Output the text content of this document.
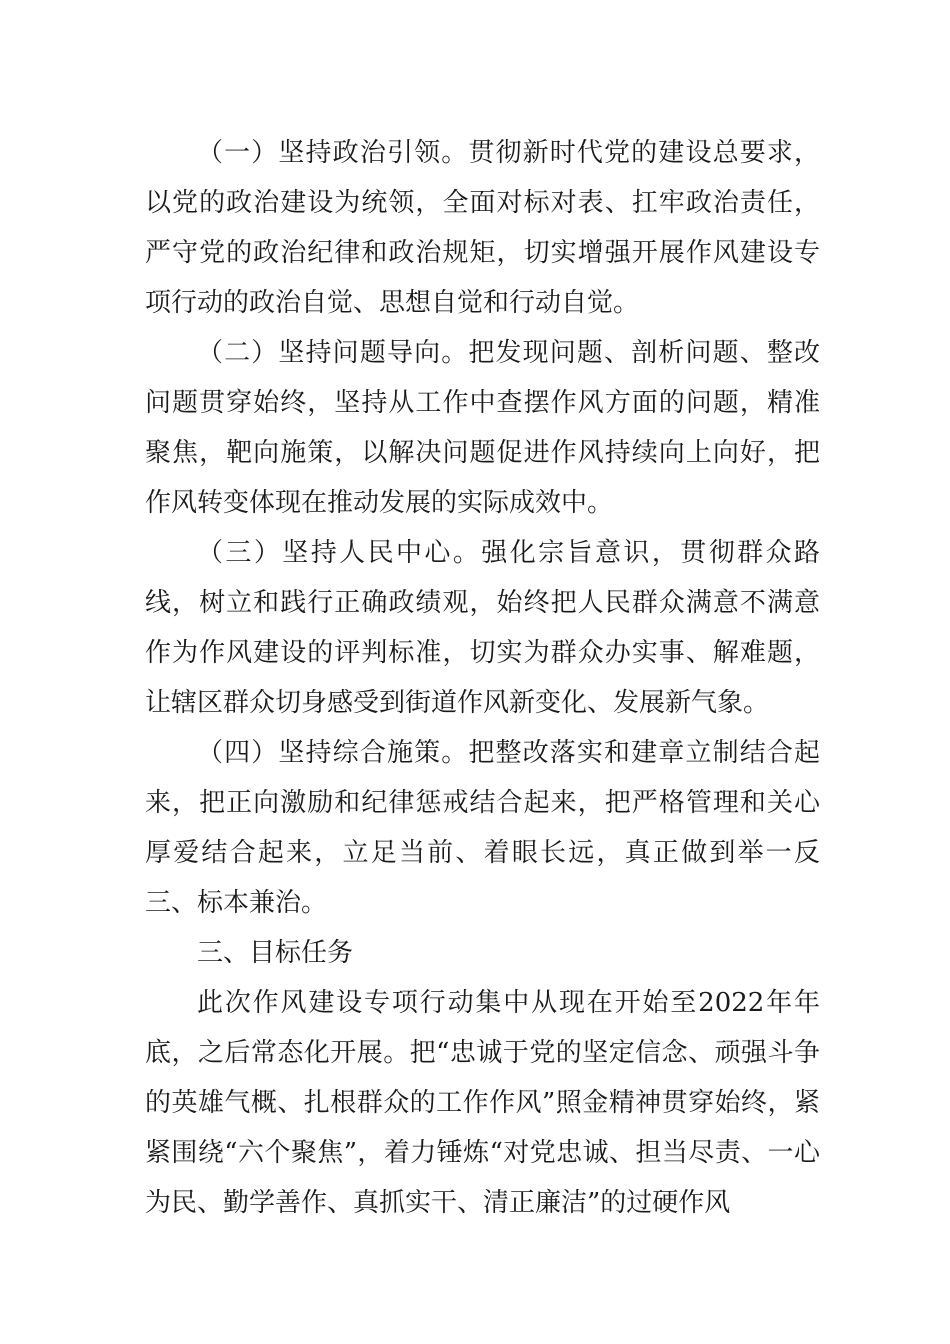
（一）坚持政治引领。贯彻新时代党的建设总要求，以党的政治建设为统领，全面对标对表、扛牢政治责任，严守党的政治纪律和政治规矩，切实增强开展作风建设专项行动的政治自觉、思想自觉和行动自觉。

（二）坚持问题导向。把发现问题、剖析问题、整改问题贯穿始终，坚持从工作中查摆作风方面的问题，精准聚焦，靶向施策，以解决问题促进作风持续向上向好，把作风转变体现在推动发展的实际成效中。

（三）坚持人民中心。强化宗旨意识，贯彻群众路线，树立和践行正确政绩观，始终把人民群众满意不满意作为作风建设的评判标准，切实为群众办实事、解难题，让辖区群众切身感受到街道作风新变化、发展新气象。

（四）坚持综合施策。把整改落实和建章立制结合起来，把正向激励和纪律惩戒结合起来，把严格管理和关心厚爱结合起来，立足当前、着眼长远，真正做到举一反三、标本兼治。

三、目标任务

此次作风建设专项行动集中从现在开始至2022年年底，之后常态化开展。把“忠诚于党的坚定信念、顽强斗争的英雄气概、扎根群众的工作作风”照金精神贯穿始终，紧紧围绕“六个聚焦”，着力锤炼“对党忠诚、担当尽责、一心为民、勤学善作、真抓实干、清正廉洁”的过硬作风
